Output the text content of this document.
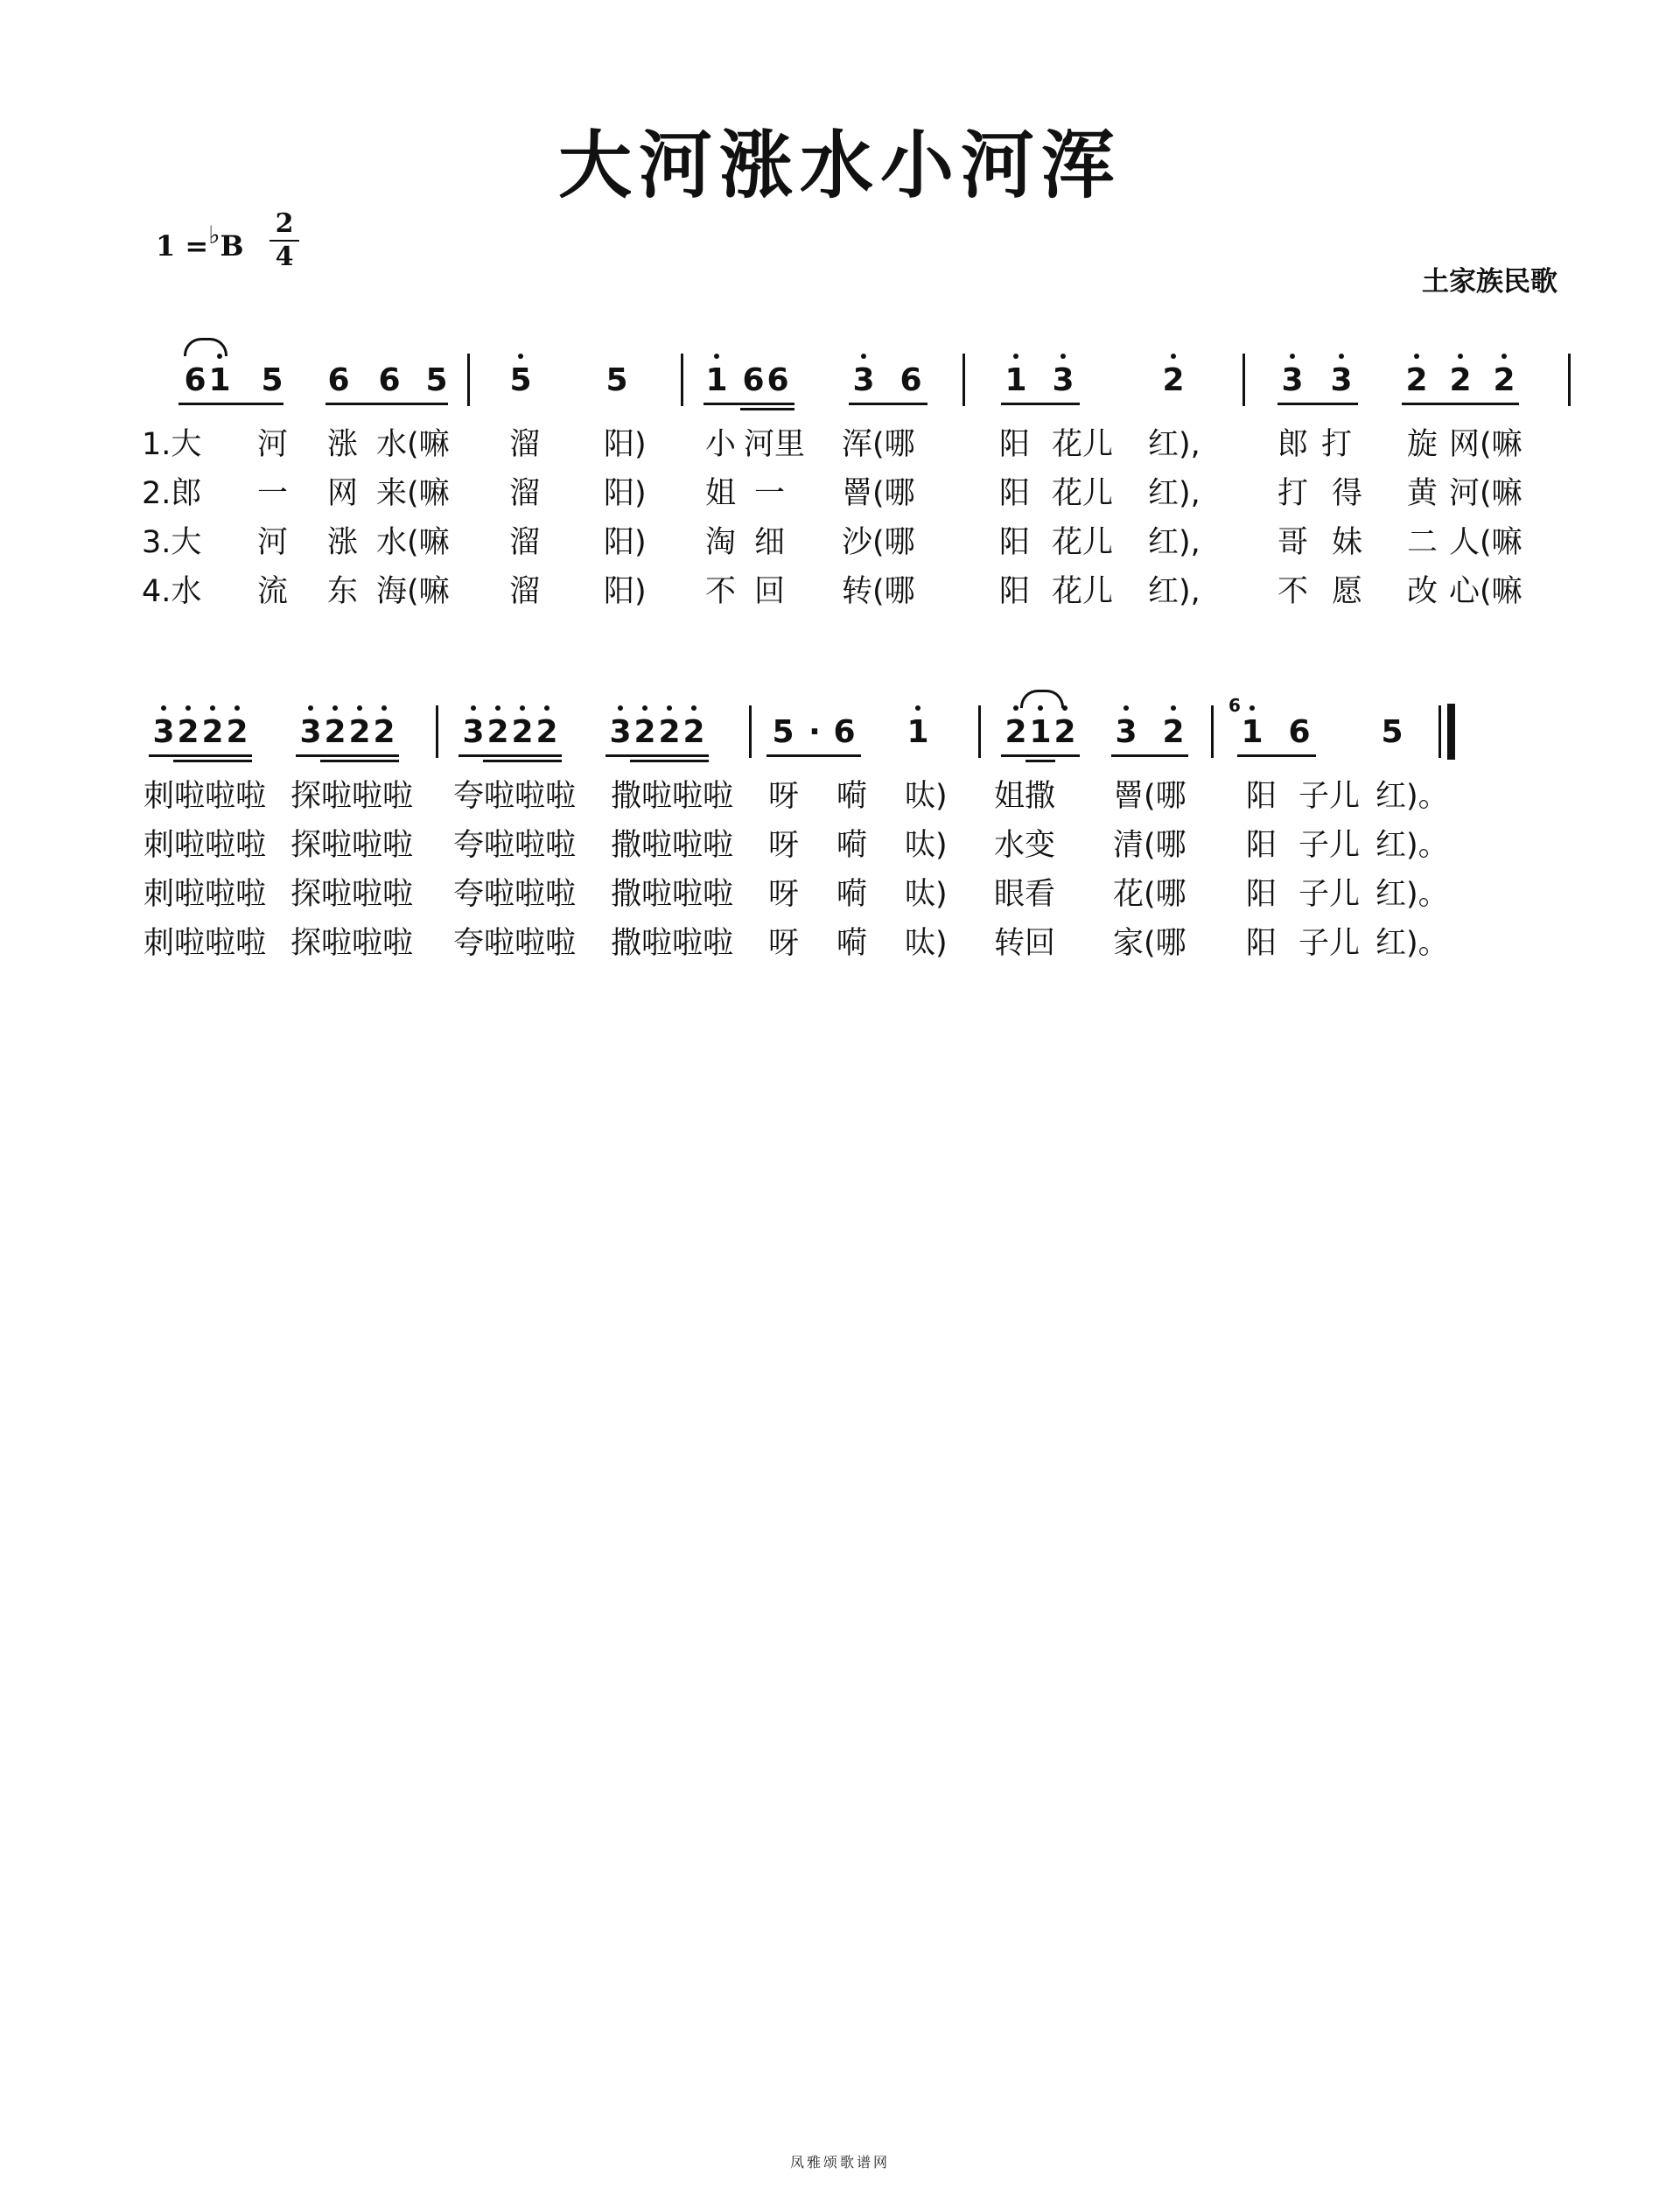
大河涨水小河浑
1 =♭B
2
4
土家族民歌
6 1 5 6 6 5 5 5 1 6 6 3 6	1 3	2	3 3 2 2 2

1.大 河 涨 水(嘛 溜 阳) 小 河里 浑(哪	阳 花儿 红),	郎 打 旋 网(嘛

2.郎 一 网 来(嘛 溜 阳) 姐 一 罾(哪	阳 花儿 红),	打 得 黄 河(嘛

3.大 河 涨 水(嘛 溜 阳) 淘 细 沙(哪	阳 花儿 红),	哥 妹 二 人(嘛

4.水 流 东 海(嘛 溜 阳) 不 回 转(哪	阳 花儿 红),	不 愿 改 心(嘛

3 2 2 2 3 2 2 2 3 2 2 2 3 2 2 2 5 · 6 1 2 1 2 3 2
6
1 6 5

刺啦啦啦 探啦啦啦 夸啦啦啦 撒啦啦啦 呀 嗬 呔) 姐撒 罾(哪 阳 子儿 红)。

刺啦啦啦 探啦啦啦 夸啦啦啦 撒啦啦啦 呀 嗬 呔) 水变 清(哪 阳 子儿 红)。

刺啦啦啦 探啦啦啦 夸啦啦啦 撒啦啦啦 呀 嗬 呔) 眼看 花(哪 阳 子儿 红)。

刺啦啦啦 探啦啦啦 夸啦啦啦 撒啦啦啦 呀 嗬 呔) 转回 家(哪 阳 子儿 红)。

凤雅颂歌谱网
